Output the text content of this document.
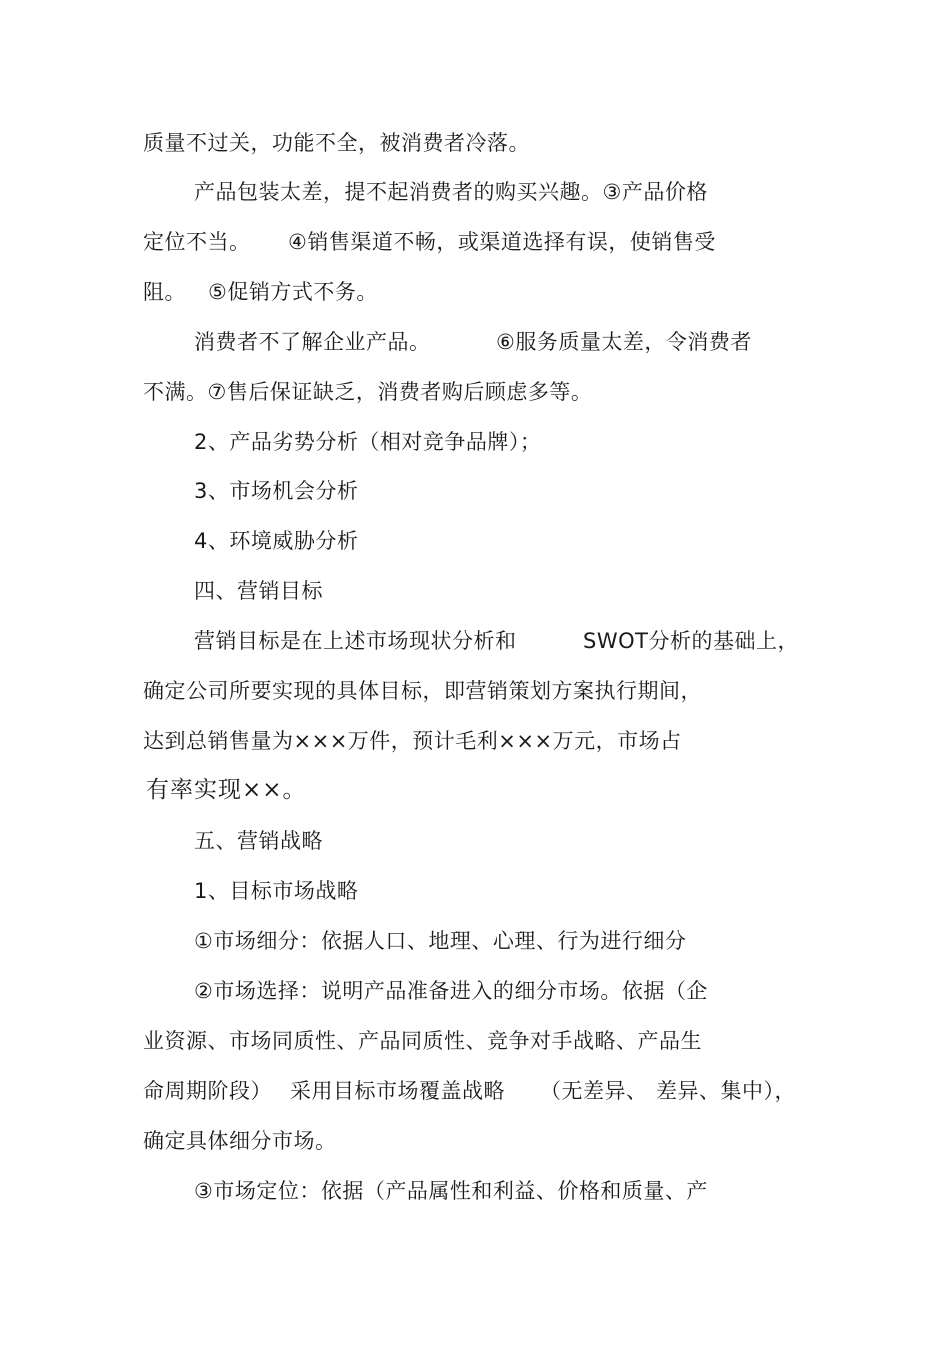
质量不过关，功能不全，被消费者冷落。
产品包装太差，提不起消费者的购买兴趣。③产品价格
定位不当。 ④销售渠道不畅，或渠道选择有误，使销售受
阻。 ⑤促销方式不务。
消费者不了解企业产品。	⑥服务质量太差，令消费者
不满。⑦售后保证缺乏，消费者购后顾虑多等。
2、产品劣势分析（相对竞争品牌）；
3、市场机会分析
4、环境威胁分析
四、营销目标
营销目标是在上述市场现状分析和	SWOT分析的基础上，
确定公司所要实现的具体目标，即营销策划方案执行期间，
达到总销售量为×××万件，预计毛利×××万元，市场占
有率实现××。
五、营销战略
1、目标市场战略
①市场细分：依据人口、地理、心理、行为进行细分
②市场选择：说明产品准备进入的细分市场。依据（企
业资源、市场同质性、产品同质性、竞争对手战略、产品生
命周期阶段） 采用目标市场覆盖战略 （无差异、 差异、集中），
确定具体细分市场。
③市场定位：依据（产品属性和利益、价格和质量、产
